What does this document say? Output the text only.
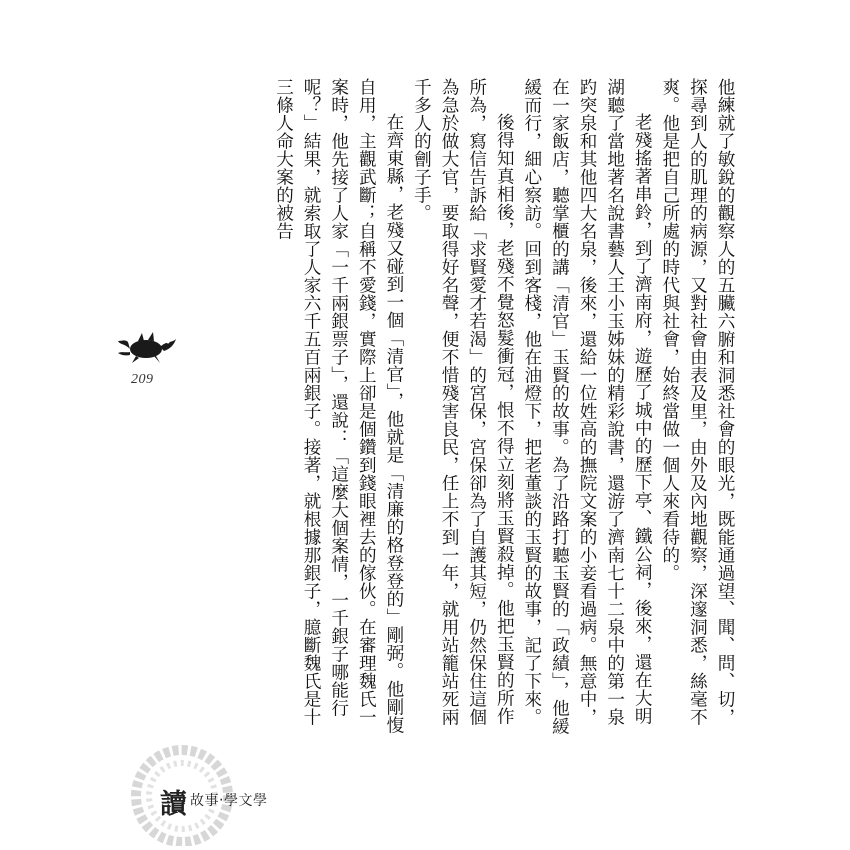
他練就了敏銳的觀察人的五臟六腑和洞悉社會的眼光，既能通過望、聞、問、切，探尋到人的肌理的病源，又對社會由表及里，由外及內地觀察，深邃洞悉，絲毫不爽。他是把自己所處的時代與社會，始終當做一個人來看待的。

老殘搖著串鈴，到了濟南府，遊歷了城中的歷下亭、鐵公祠，後來，還在大明湖聽了當地著名說書藝人王小玉姊妹的精彩說書，還游了濟南七十二泉中的第一泉趵突泉和其他四大名泉，後來，還給一位姓高的撫院文案的小妾看過病。無意中，在一家飯店，聽掌櫃的講「清官」玉賢的故事。為了沿路打聽玉賢的「政績」，他緩緩而行，細心察訪。回到客棧，他在油燈下，把老董談的玉賢的故事，記了下來。

後得知真相後，老殘不覺怒髮衝冠，恨不得立刻將玉賢殺掉。他把玉賢的所作所為，寫信告訴給「求賢愛才若渴」的宮保，宮保卻為了自護其短，仍然保住這個為急於做大官，要取得好名聲，便不惜殘害良民，任上不到一年，就用站籠站死兩千多人的劊子手。

在齊東縣，老殘又碰到一個「清官」，他就是「清廉的格登登的」剛弼。他剛愎自用，主觀武斷；自稱不愛錢，實際上卻是個鑽到錢眼裡去的傢伙。在審理魏氏一案時，他先接了人家「一千兩銀票子」，還說：「這麼大個案情，一千銀子哪能行呢？」結果，就索取了人家六千五百兩銀子。接著，就根據那銀子，臆斷魏氏是十三條人命大案的被告

209
讀 故事‧學文學
